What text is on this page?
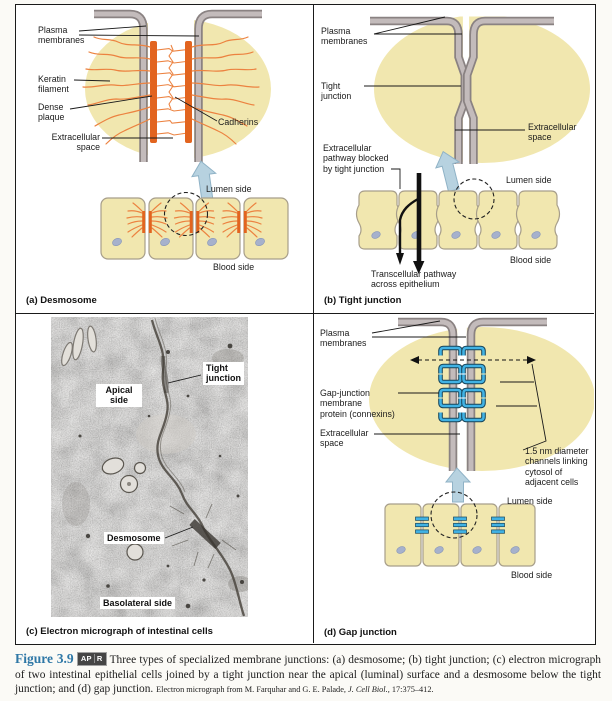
Plasma
membranes
Keratin
filament
Dense
plaque
Extracellular
space
Cadherins
Lumen side
Blood side
(a) Desmosome
Plasma
membranes
Tight
junction
Extracellular
space
Extracellular
pathway blocked
by tight junction
Lumen side
Blood side
Transcellular pathway
across epithelium
(b) Tight junction
Apical
side
Tight
junction
Desmosome
Basolateral side
(c) Electron micrograph of intestinal cells
Plasma
membranes
Gap-junction
membrane
protein (connexins)
Extracellular
space
1.5 nm diameter
channels linking
cytosol of
adjacent cells
Lumen side
Blood side
(d) Gap junction
Figure 3.9 AP R Three types of specialized membrane junctions: (a) desmosome; (b) tight junction; (c) electron micrograph of two intestinal epithelial cells joined by a tight junction near the apical (luminal) surface and a desmosome below the tight junction; and (d) gap junction. Electron micrograph from M. Farquhar and G. E. Palade, J. Cell Biol., 17:375–412.
